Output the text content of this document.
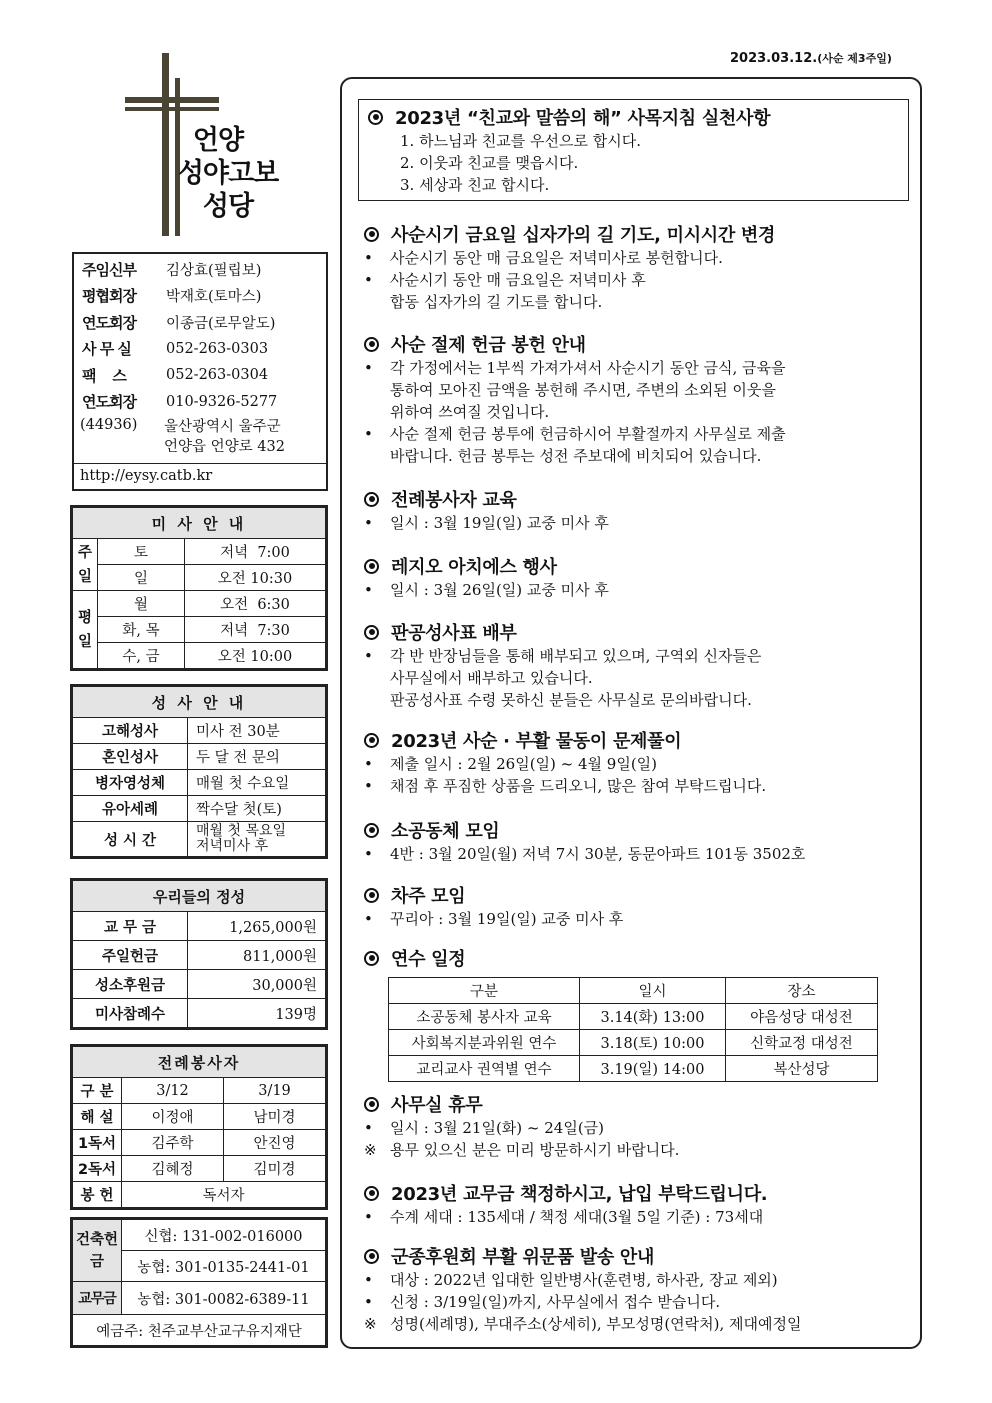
2023.03.12.(사순 제3주일)
언양
성야고보
성당
주임신부	김상효(필립보)
평협회장	박재호(토마스)
연도회장	이종금(로무알도)
사 무 실	052-263-0303
팩    스	052-263-0304
연도회장	010-9326-5277
(44936)	울산광역시 울주군
언양읍 언양로 432
http://eysy.catb.kr
미 사 안 내		
주일	토	저녁  7:00
	일	오전 10:30
평일	월	오전  6:30
	화, 목	저녁  7:30
	수, 금	오전 10:00
성 사 안 내	
고해성사	미사 전 30분
혼인성사	두 달 전 문의
병자영성체	매월 첫 수요일
유아세례	짝수달 첫(토)
성 시 간	매월 첫 목요일
저녁미사 후
우리들의 정성	
교 무 금	1,265,000원
주일헌금	811,000원
성소후원금	30,000원
미사참례수	139명
전례봉사자		
구 분	3/12	3/19
해 설	이정애	남미경
1독서	김주학	안진영
2독서	김혜정	김미경
봉 헌	독서자	
건축헌금	신협: 131-002-016000
	농협: 301-0135-2441-01
교무금	농협: 301-0082-6389-11
예금주: 천주교부산교구유지재단	
2023년 “친교와 말씀의 해” 사목지침 실천사항
1. 하느님과 친교를 우선으로 합시다.
2. 이웃과 친교를 맺읍시다.
3. 세상과 친교 합시다.
사순시기 금요일 십자가의 길 기도, 미시시간 변경
• 사순시기 동안 매 금요일은 저녁미사로 봉헌합니다.
• 사순시기 동안 매 금요일은 저녁미사 후
합동 십자가의 길 기도를 합니다.
사순 절제 헌금 봉헌 안내
• 각 가정에서는 1부씩 가져가셔서 사순시기 동안 금식, 금육을
통하여 모아진 금액을 봉헌해 주시면, 주변의 소외된 이웃을
위하여 쓰여질 것입니다.
• 사순 절제 헌금 봉투에 헌금하시어 부활절까지 사무실로 제출
바랍니다. 헌금 봉투는 성전 주보대에 비치되어 있습니다.
전례봉사자 교육
• 일시 : 3월 19일(일) 교중 미사 후
레지오 아치에스 행사
• 일시 : 3월 26일(일) 교중 미사 후
판공성사표 배부
• 각 반 반장님들을 통해 배부되고 있으며, 구역외 신자들은
사무실에서 배부하고 있습니다.
판공성사표 수령 못하신 분들은 사무실로 문의바랍니다.
2023년 사순 · 부활 물동이 문제풀이
• 제출 일시 : 2월 26일(일) ~ 4월 9일(일)
• 채점 후 푸짐한 상품을 드리오니, 많은 참여 부탁드립니다.
소공동체 모임
• 4반 : 3월 20일(월) 저녁 7시 30분, 동문아파트 101동 3502호
차주 모임
• 꾸리아 : 3월 19일(일) 교중 미사 후
연수 일정
구분	일시	장소
소공동체 봉사자 교육	3.14(화) 13:00	야음성당 대성전
사회복지분과위원 연수	3.18(토) 10:00	신학교정 대성전
교리교사 권역별 연수	3.19(일) 14:00	복산성당
사무실 휴무
• 일시 : 3월 21일(화) ~ 24일(금)
※ 용무 있으신 분은 미리 방문하시기 바랍니다.
2023년 교무금 책정하시고, 납입 부탁드립니다.
• 수계 세대 : 135세대 / 책정 세대(3월 5일 기준) : 73세대
군종후원회 부활 위문품 발송 안내
• 대상 : 2022년 입대한 일반병사(훈련병, 하사관, 장교 제외)
• 신청 : 3/19일(일)까지, 사무실에서 접수 받습니다.
※ 성명(세례명), 부대주소(상세히), 부모성명(연락처), 제대예정일
